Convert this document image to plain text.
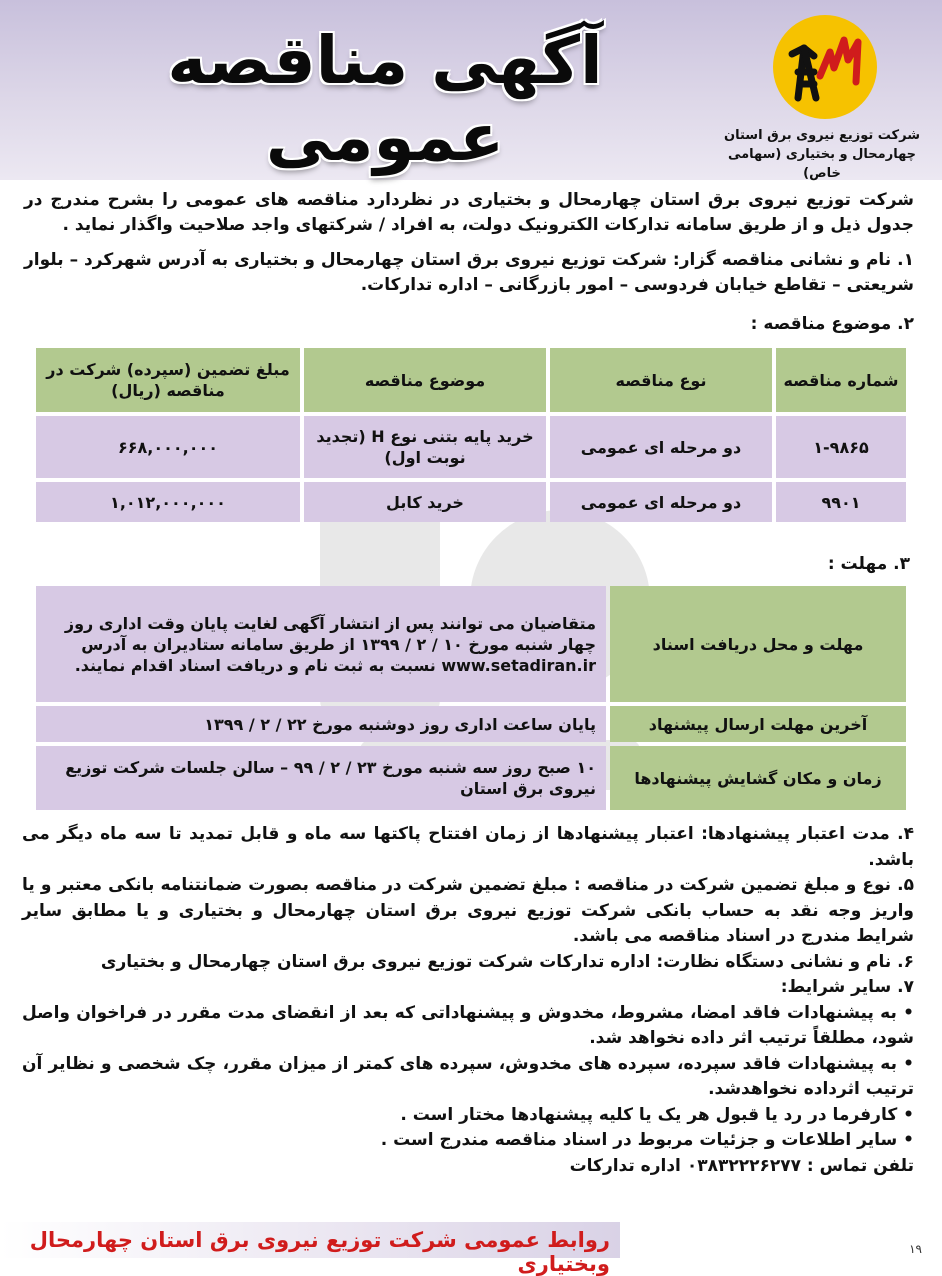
آگهی مناقصه عمومی	شرکت توزیع نیروی برق استان
چهارمحال و بختیاری (سهامی خاص)
شرکت توزیع نیروی برق استان چهارمحال و بختیاری در نظردارد مناقصه های عمومی را بشرح مندرج در جدول ذیل و از طریق سامانه تدارکات الکترونیک دولت، به افراد / شرکتهای واجد صلاحیت واگذار نماید .
۱. نام و نشانی مناقصه گزار: شرکت توزیع نیروی برق استان چهارمحال و بختیاری به آدرس شهرکرد – بلوار شریعتی – تقاطع خیابان فردوسی – امور بازرگانی – اداره تدارکات.
۲. موضوع مناقصه :
شماره مناقصه	نوع مناقصه	موضوع مناقصه	مبلغ تضمین (سپرده) شرکت در مناقصه (ریال)
۱-۹۸۶۵	دو مرحله ای عمومی	خرید پایه بتنی نوع H (تجدید نوبت اول)	۶۶۸,۰۰۰,۰۰۰
۹۹۰۱	دو مرحله ای عمومی	خرید کابل	۱,۰۱۲,۰۰۰,۰۰۰
۳. مهلت :
مهلت و محل دریافت اسناد	متقاضیان می توانند پس از انتشار آگهی لغایت پایان وقت اداری روز چهار شنبه مورخ ۱۰ / ۲ / ۱۳۹۹ از طریق سامانه ستادیران به آدرس www.setadiran.ir نسبت به ثبت نام و دریافت اسناد اقدام نمایند.
آخرین مهلت ارسال پیشنهاد	پایان ساعت اداری روز دوشنبه مورخ ۲۲ / ۲ / ۱۳۹۹
زمان و مکان گشایش پیشنهادها	۱۰ صبح روز سه شنبه مورخ ۲۳ / ۲ / ۹۹ – سالن جلسات شرکت توزیع نیروی برق استان
۴. مدت اعتبار پیشنهادها: اعتبار پیشنهادها از زمان افتتاح پاکتها سه ماه و قابل تمدید تا سه ماه دیگر می باشد.
۵. نوع و مبلغ تضمین شرکت در مناقصه : مبلغ تضمین شرکت در مناقصه بصورت ضمانتنامه بانکی معتبر و یا واریز وجه نقد به حساب بانکی شرکت توزیع نیروی برق استان چهارمحال و بختیاری و یا مطابق سایر شرایط مندرج در اسناد مناقصه می باشد.
۶. نام و نشانی دستگاه نظارت: اداره تدارکات شرکت توزیع نیروی برق استان چهارمحال و بختیاری
۷. سایر شرایط:
• به پیشنهادات فاقد امضا، مشروط، مخدوش و پیشنهاداتی که بعد از انقضای مدت مقرر در فراخوان واصل شود، مطلقاً ترتیب اثر داده نخواهد شد.
• به پیشنهادات فاقد سپرده، سپرده های مخدوش، سپرده های کمتر از میزان مقرر، چک شخصی و نظایر آن ترتیب اثرداده نخواهدشد.
• کارفرما در رد یا قبول هر یک یا کلیه پیشنهادها مختار است .
• سایر اطلاعات و جزئیات مربوط در اسناد مناقصه مندرج است .
تلفن تماس : ۰۳۸۳۲۲۲۶۲۷۷ اداره تدارکات
روابط عمومی شرکت توزیع نیروی برق استان چهارمحال وبختیاری
۱۹
